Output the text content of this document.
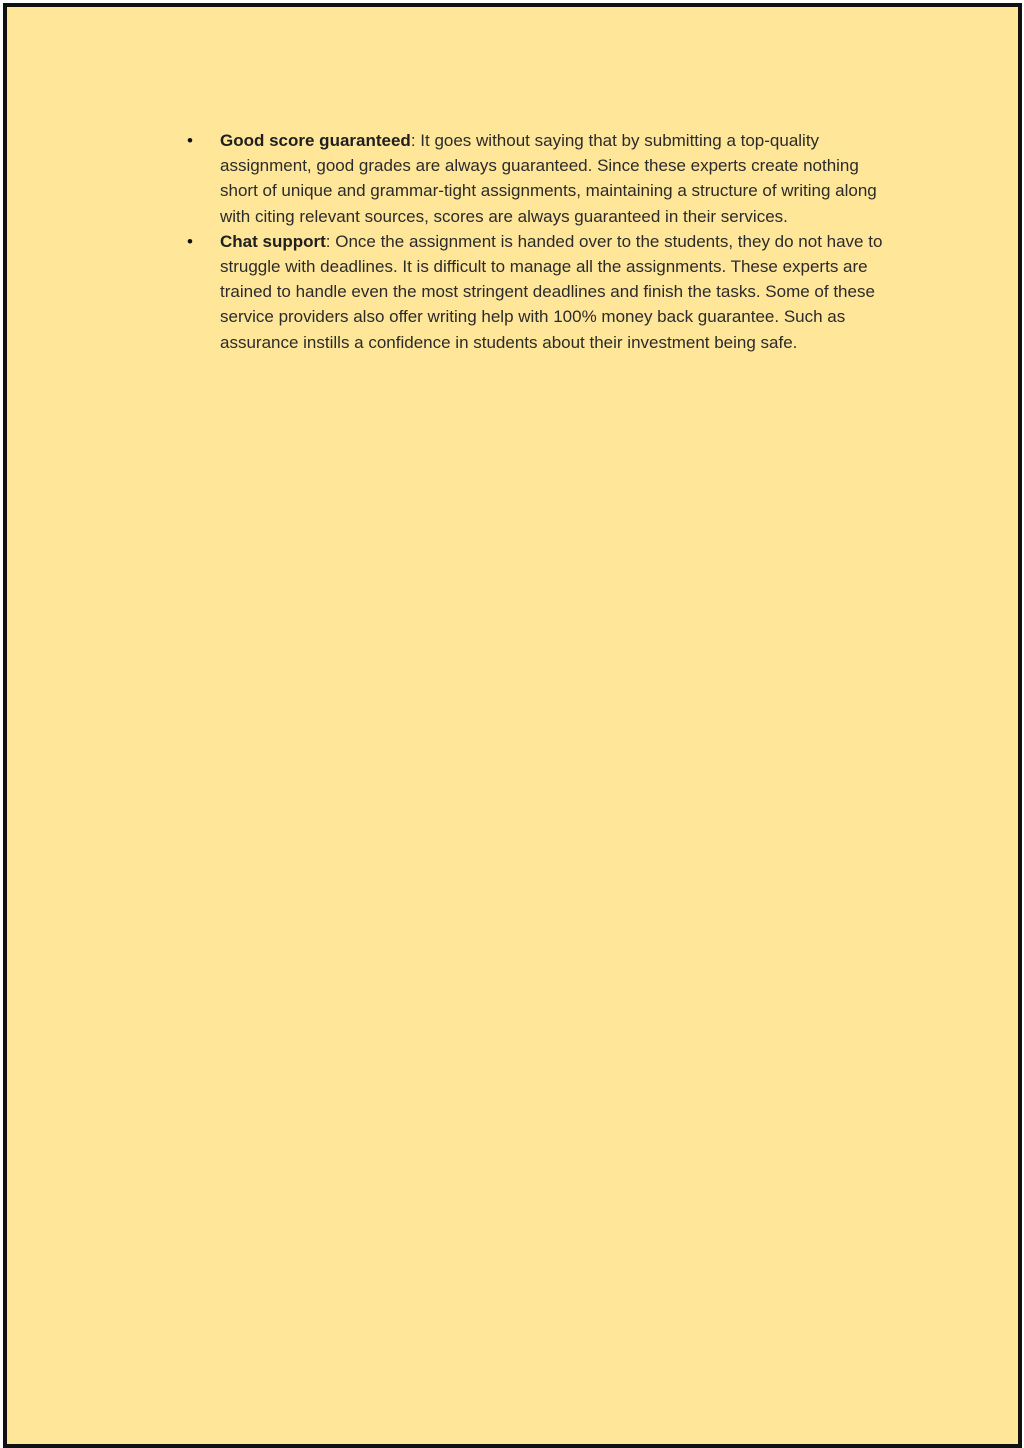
• Good score guaranteed: It goes without saying that by submitting a top-quality assignment, good grades are always guaranteed. Since these experts create nothing short of unique and grammar-tight assignments, maintaining a structure of writing along with citing relevant sources, scores are always guaranteed in their services.
• Chat support: Once the assignment is handed over to the students, they do not have to struggle with deadlines. It is difficult to manage all the assignments. These experts are trained to handle even the most stringent deadlines and finish the tasks. Some of these service providers also offer writing help with 100% money back guarantee. Such as assurance instills a confidence in students about their investment being safe.
